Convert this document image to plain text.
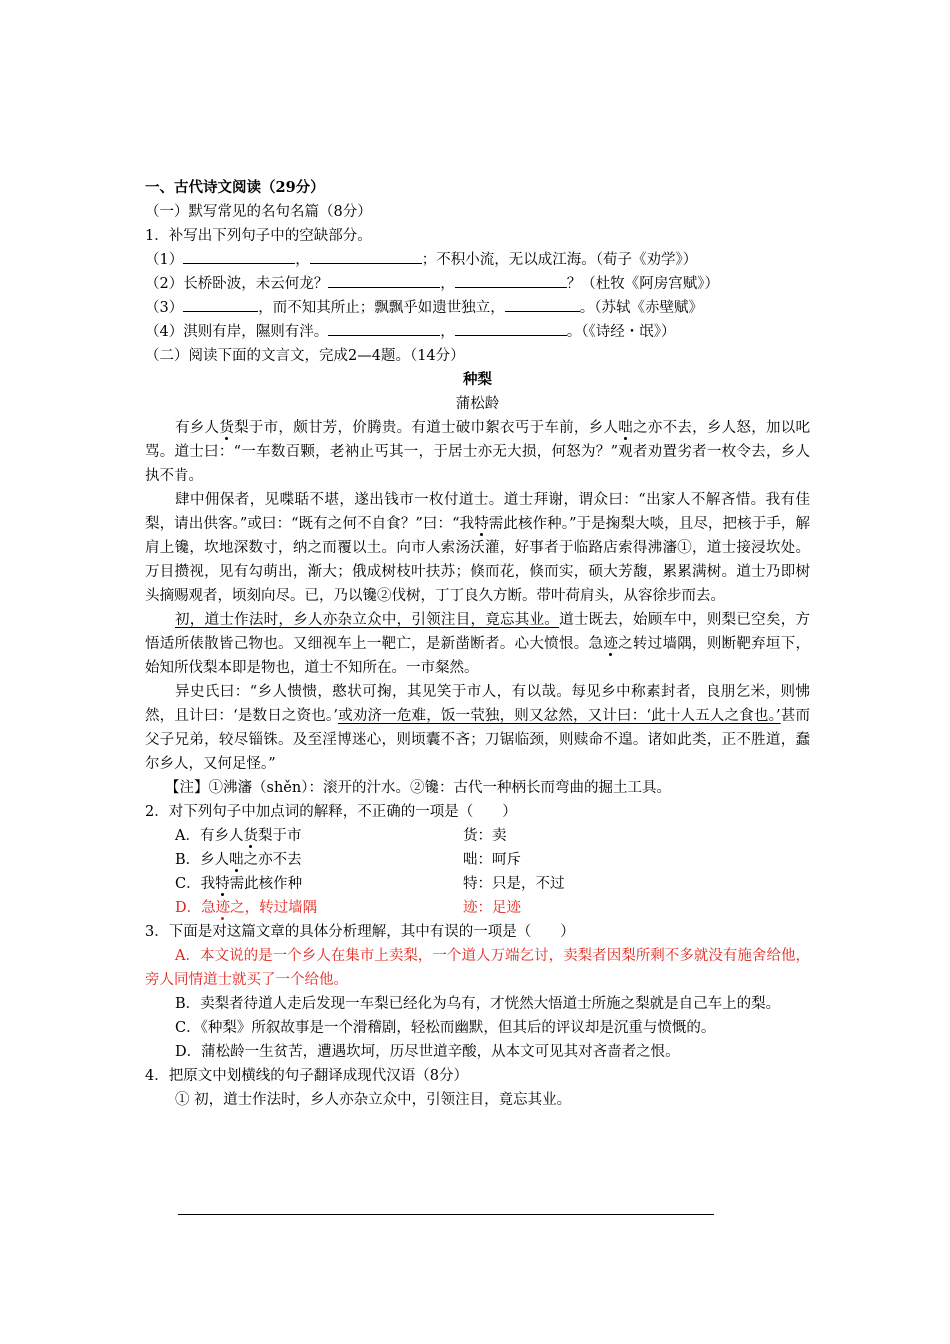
一、古代诗文阅读（29分）
（一）默写常见的名句名篇（8分）
1．补写出下列句子中的空缺部分。
（1）	，	；不积小流，无以成江海。（荀子《劝学》）
（2）长桥卧波，未云何龙？	，	？（杜牧《阿房宫赋》）
（3）	，而不知其所止；飘飘乎如遗世独立，	。（苏轼《赤壁赋》
（4）淇则有岸，隰则有泮。	，	。（《诗经・氓》）
（二）阅读下面的文言文，完成2—4题。（14分）
种梨
蒲松龄
有乡人货梨于市，颇甘芳，价腾贵。有道士破巾絮衣丐于车前，乡人咄之亦不去，乡人怒，加以叱骂。道士曰：“一车数百颗，老衲止丐其一，于居士亦无大损，何怒为？”观者劝置劣者一枚令去，乡人执不肯。
肆中佣保者，见喋聒不堪，遂出钱市一枚付道士。道士拜谢，谓众曰：“出家人不解吝惜。我有佳梨，请出供客。”或曰：“既有之何不自食？”曰：“我特需此核作种。”于是掬梨大啖，且尽，把核于手，解肩上镵，坎地深数寸，纳之而覆以土。向市人索汤沃灌，好事者于临路店索得沸瀋①，道士接浸坎处。万目攒视，见有勾萌出，渐大；俄成树枝叶扶苏；倏而花，倏而实，硕大芳馥，累累满树。道士乃即树头摘赐观者，顷刻向尽。已，乃以镵②伐树，丁丁良久方断。带叶荷肩头，从容徐步而去。
初，道士作法时，乡人亦杂立众中，引领注目，竟忘其业。道士既去，始顾车中，则梨已空矣，方悟适所俵散皆己物也。又细视车上一靶亡，是新凿断者。心大愤恨。急迹之转过墙隅，则断靶弃垣下，始知所伐梨本即是物也，道士不知所在。一市粲然。
异史氏曰：“乡人愦愦，憨状可掬，其见笑于市人，有以哉。每见乡中称素封者，良朋乞米，则怫然，且计曰：‘是数日之资也。’或劝济一危难，饭一茕独，则又忿然，又计曰：‘此十人五人之食也。’甚而父子兄弟，较尽锱铢。及至淫博迷心，则顷囊不吝；刀锯临颈，则赎命不遑。诸如此类，正不胜道，蠢尔乡人，又何足怪。”
【注】①沸瀋（shěn）：滚开的汁水。②镵：古代一种柄长而弯曲的掘土工具。
2．对下列句子中加点词的解释，不正确的一项是（　　）
A．有乡人货梨于市	货：卖
B．乡人咄之亦不去	咄：呵斥
C．我特需此核作种	特：只是，不过
D．急迹之，转过墙隅	迹：足迹
3．下面是对这篇文章的具体分析理解，其中有误的一项是（　　）
A．本文说的是一个乡人在集市上卖梨，一个道人万端乞讨，卖梨者因梨所剩不多就没有施舍给他，旁人同情道士就买了一个给他。
B．卖梨者待道人走后发现一车梨已经化为乌有，才恍然大悟道士所施之梨就是自己车上的梨。
C．《种梨》所叙故事是一个滑稽剧，轻松而幽默，但其后的评议却是沉重与愤慨的。
D．蒲松龄一生贫苦，遭遇坎坷，历尽世道辛酸，从本文可见其对吝啬者之恨。
4．把原文中划横线的句子翻译成现代汉语（8分）
① 初，道士作法时，乡人亦杂立众中，引领注目，竟忘其业。
